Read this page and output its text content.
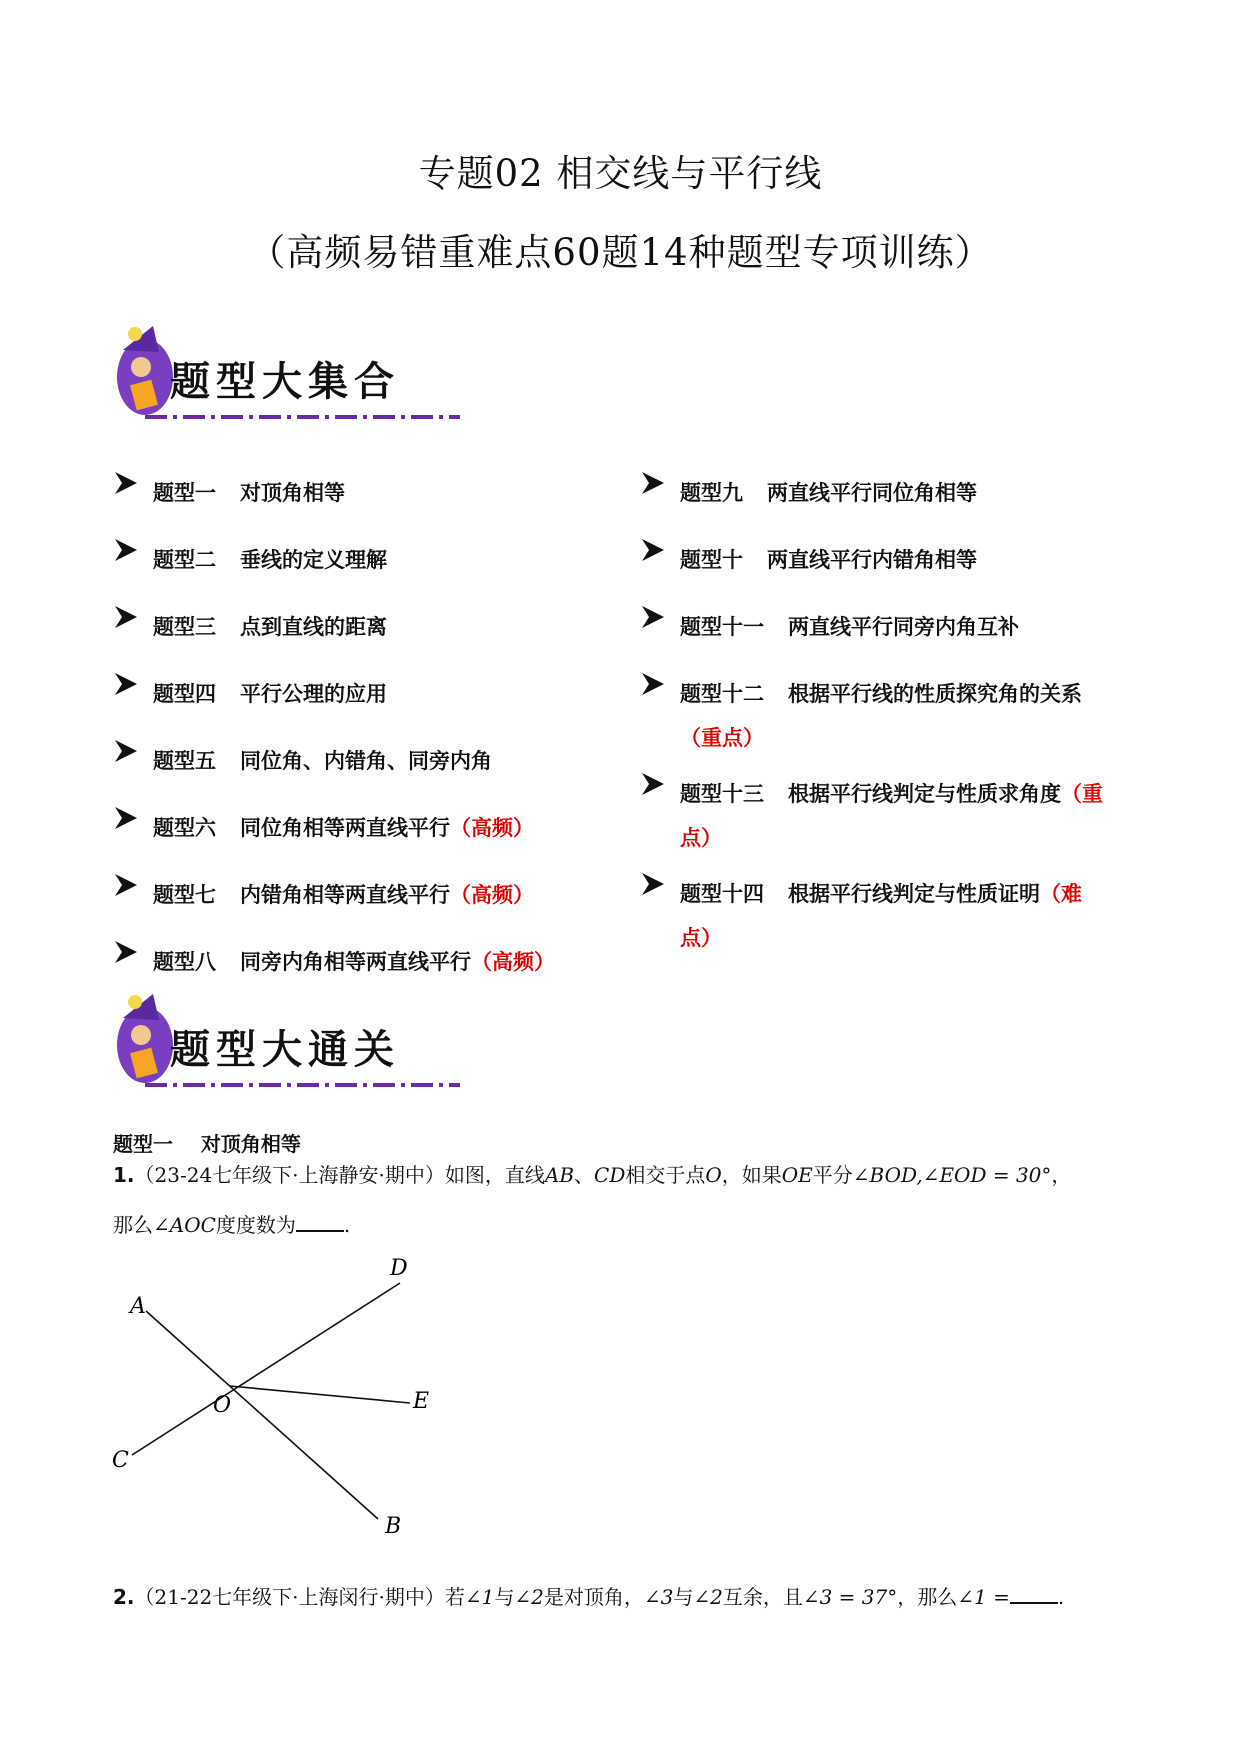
专题02 相交线与平行线
（高频易错重难点60题14种题型专项训练）
题型大集合
题型一 对顶角相等
题型二 垂线的定义理解
题型三 点到直线的距离
题型四 平行公理的应用
题型五 同位角、内错角、同旁内角
题型六 同位角相等两直线平行（高频）
题型七 内错角相等两直线平行（高频）
题型八 同旁内角相等两直线平行（高频）
题型九 两直线平行同位角相等
题型十 两直线平行内错角相等
题型十一 两直线平行同旁内角互补
题型十二 根据平行线的性质探究角的关系
（重点）
题型十三 根据平行线判定与性质求角度（重
点）
题型十四 根据平行线判定与性质证明（难
点）
题型大通关
题型一    对顶角相等
1.（23-24七年级下·上海静安·期中）如图，直线AB、CD相交于点O，如果OE平分∠BOD,∠EOD = 30°，
那么∠AOC度度数为 .
A
B
C
D
E
O
2.（21-22七年级下·上海闵行·期中）若∠1与∠2是对顶角，∠3与∠2互余，且∠3 = 37°，那么∠1 = .
